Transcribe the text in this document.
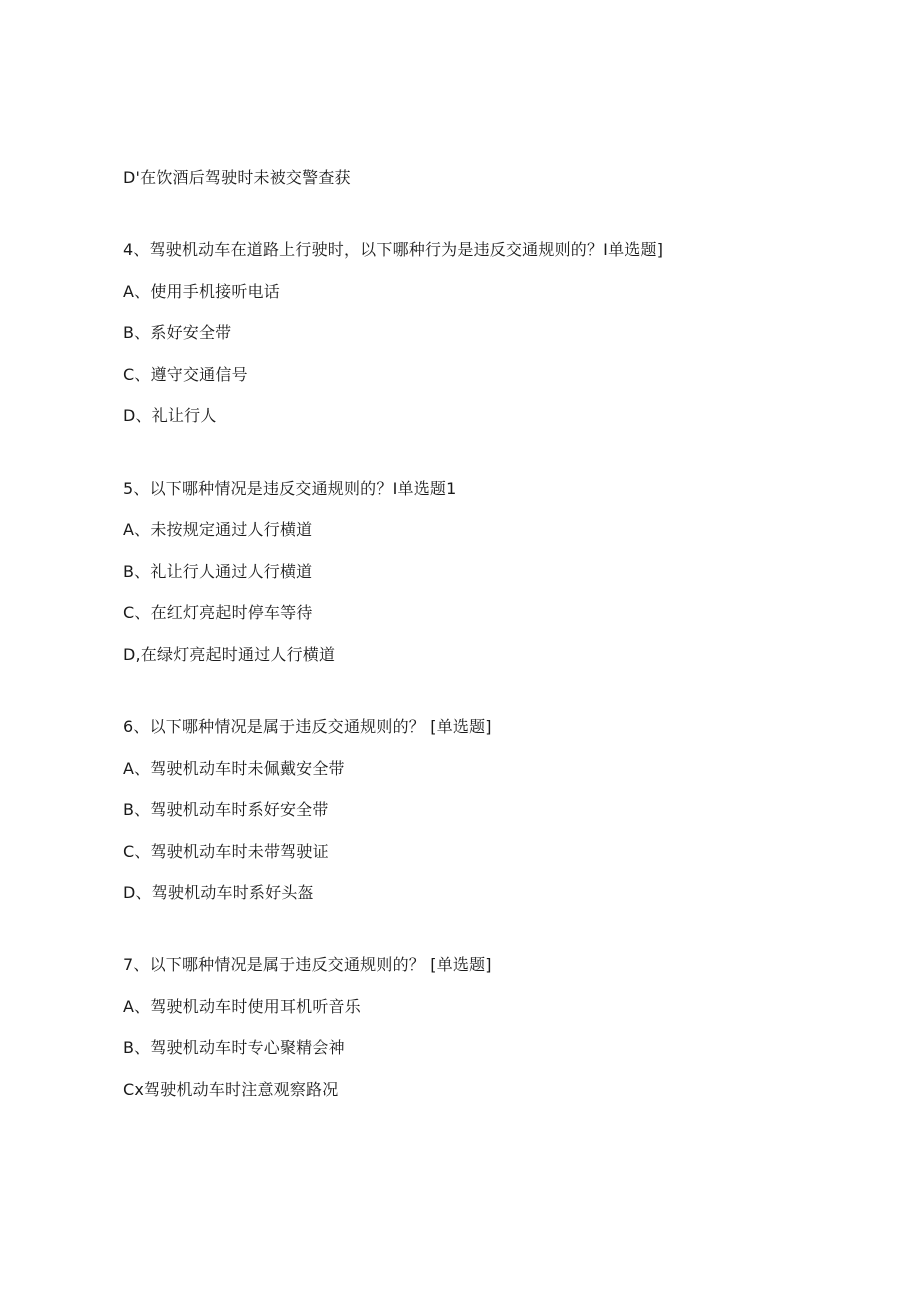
D'在饮酒后驾驶时未被交警查获
4、驾驶机动车在道路上行驶时，以下哪种行为是违反交通规则的？I单选题]
A、使用手机接听电话
B、系好安全带
C、遵守交通信号
D、礼让行人
5、以下哪种情况是违反交通规则的？I单选题1
A、未按规定通过人行横道
B、礼让行人通过人行横道
C、在红灯亮起时停车等待
D,在绿灯亮起时通过人行横道
6、以下哪种情况是属于违反交通规则的？ [单选题]
A、驾驶机动车时未佩戴安全带
B、驾驶机动车时系好安全带
C、驾驶机动车时未带驾驶证
D、驾驶机动车时系好头盔
7、以下哪种情况是属于违反交通规则的？ [单选题]
A、驾驶机动车时使用耳机听音乐
B、驾驶机动车时专心聚精会神
Cx驾驶机动车时注意观察路况
